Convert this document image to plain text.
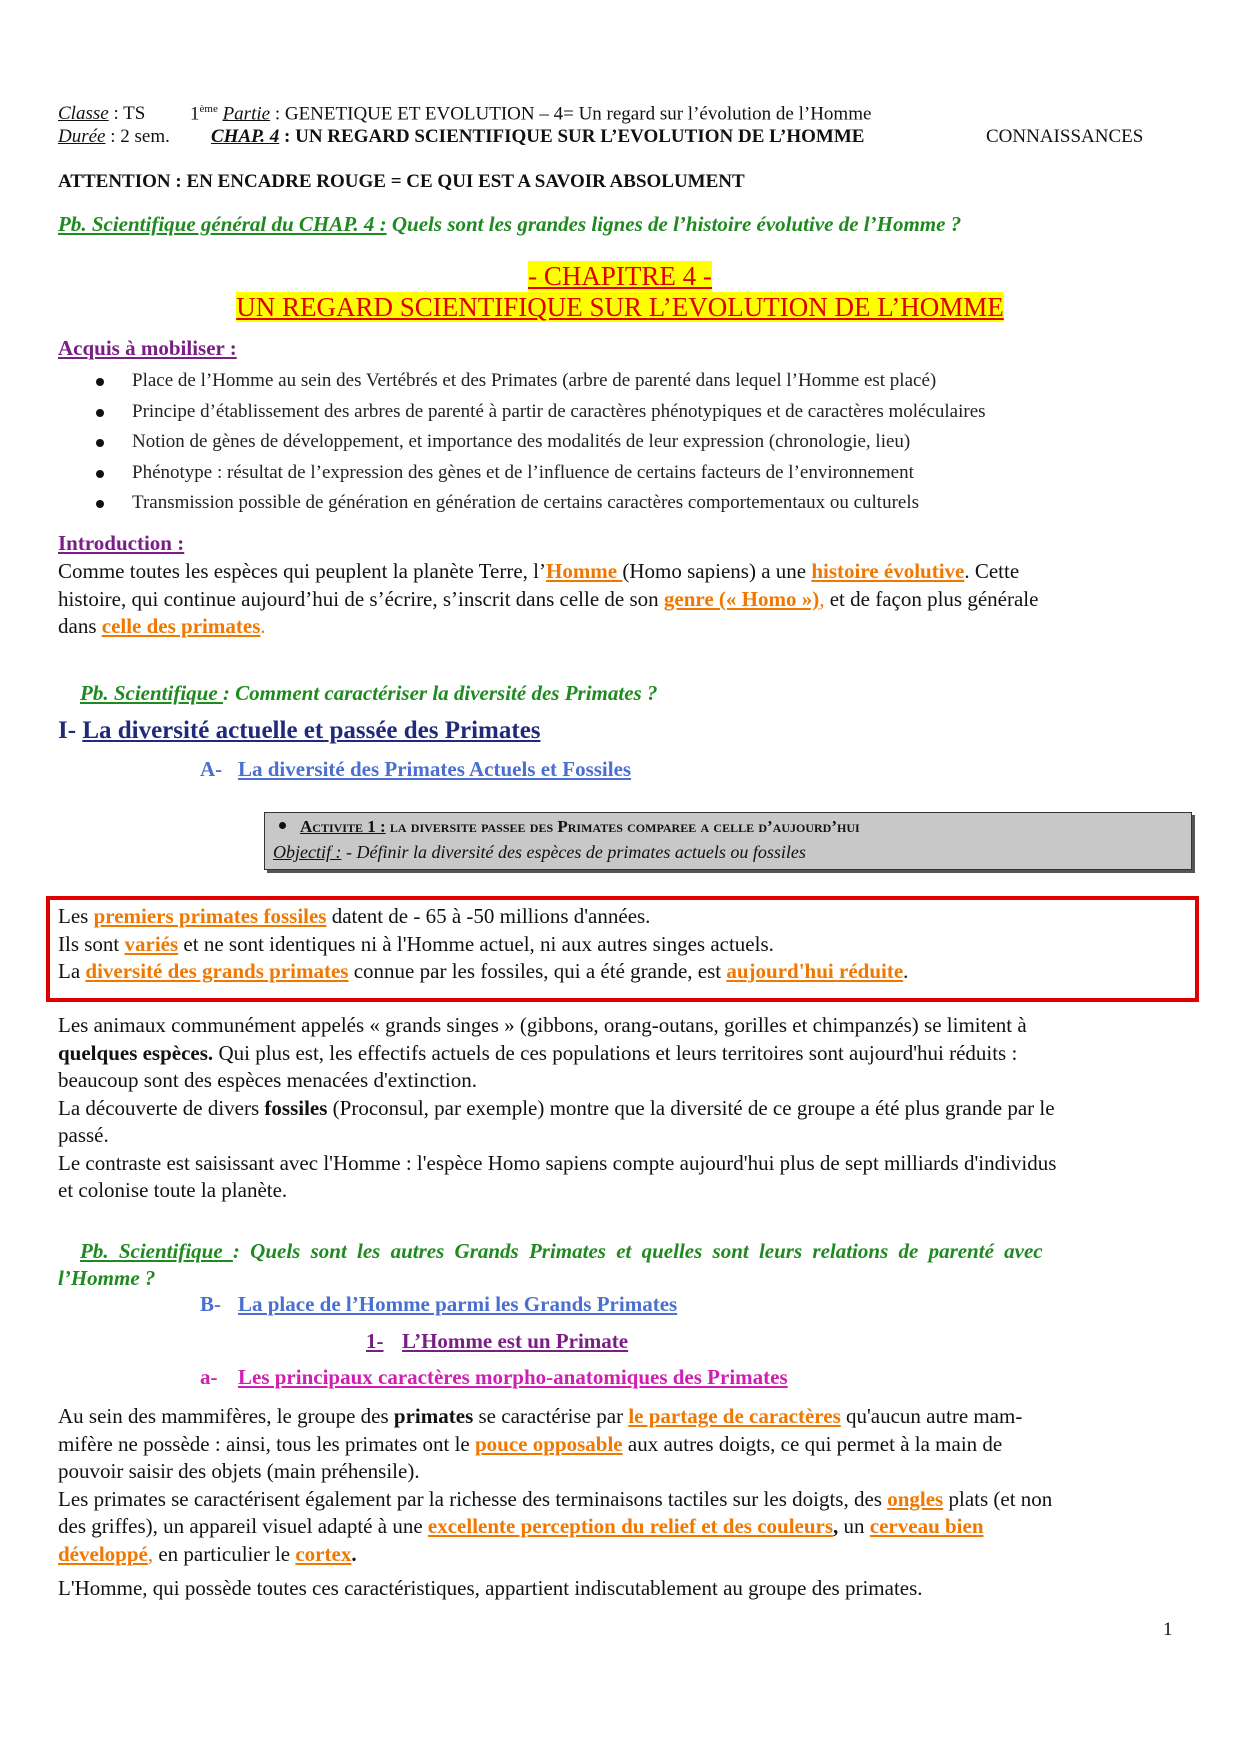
Classe : TS 1ème Partie : GENETIQUE ET EVOLUTION – 4= Un regard sur l’évolution de l’Homme
Durée : 2 sem. CHAP. 4 : UN REGARD SCIENTIFIQUE SUR L’EVOLUTION DE L’HOMME	CONNAISSANCES
ATTENTION : EN ENCADRE ROUGE = CE QUI EST A SAVOIR ABSOLUMENT
Pb. Scientifique général du CHAP. 4 : Quels sont les grandes lignes de l’histoire évolutive de l’Homme ?
- CHAPITRE 4 -
UN REGARD SCIENTIFIQUE SUR L’EVOLUTION DE L’HOMME
Acquis à mobiliser :
Place de l’Homme au sein des Vertébrés et des Primates (arbre de parenté dans lequel l’Homme est placé)
Principe d’établissement des arbres de parenté à partir de caractères phénotypiques et de caractères moléculaires
Notion de gènes de développement, et importance des modalités de leur expression (chronologie, lieu)
Phénotype : résultat de l’expression des gènes et de l’influence de certains facteurs de l’environnement
Transmission possible de génération en génération de certains caractères comportementaux ou culturels
Introduction :
Comme toutes les espèces qui peuplent la planète Terre, l’Homme (Homo sapiens) a une histoire évolutive. Cette
histoire, qui continue aujourd’hui de s’écrire, s’inscrit dans celle de son genre (« Homo »), et de façon plus générale
dans celle des primates.
Pb. Scientifique : Comment caractériser la diversité des Primates ?
I- La diversité actuelle et passée des Primates
A- La diversité des Primates Actuels et Fossiles
Activite 1 : la diversite passee des Primates comparee a celle d’aujourd’hui
Objectif : - Définir la diversité des espèces de primates actuels ou fossiles
Les premiers primates fossiles datent de - 65 à -50 millions d'années.
Ils sont variés et ne sont identiques ni à l'Homme actuel, ni aux autres singes actuels.
La diversité des grands primates connue par les fossiles, qui a été grande, est aujourd'hui réduite.
Les animaux communément appelés « grands singes » (gibbons, orang-outans, gorilles et chimpanzés) se limitent à
quelques espèces. Qui plus est, les effectifs actuels de ces populations et leurs territoires sont aujourd'hui réduits :
beaucoup sont des espèces menacées d'extinction.
La découverte de divers fossiles (Proconsul, par exemple) montre que la diversité de ce groupe a été plus grande par le
passé.
Le contraste est saisissant avec l'Homme : l'espèce Homo sapiens compte aujourd'hui plus de sept milliards d'individus
et colonise toute la planète.
Pb. Scientifique : Quels sont les autres Grands Primates et quelles sont leurs relations de parenté avec
l’Homme ?
B- La place de l’Homme parmi les Grands Primates
1- L’Homme est un Primate
a- Les principaux caractères morpho-anatomiques des Primates
Au sein des mammifères, le groupe des primates se caractérise par le partage de caractères qu'aucun autre mam-
mifère ne possède : ainsi, tous les primates ont le pouce opposable aux autres doigts, ce qui permet à la main de
pouvoir saisir des objets (main préhensile).
Les primates se caractérisent également par la richesse des terminaisons tactiles sur les doigts, des ongles plats (et non
des griffes), un appareil visuel adapté à une excellente perception du relief et des couleurs, un cerveau bien
développé, en particulier le cortex.
L'Homme, qui possède toutes ces caractéristiques, appartient indiscutablement au groupe des primates.
1
